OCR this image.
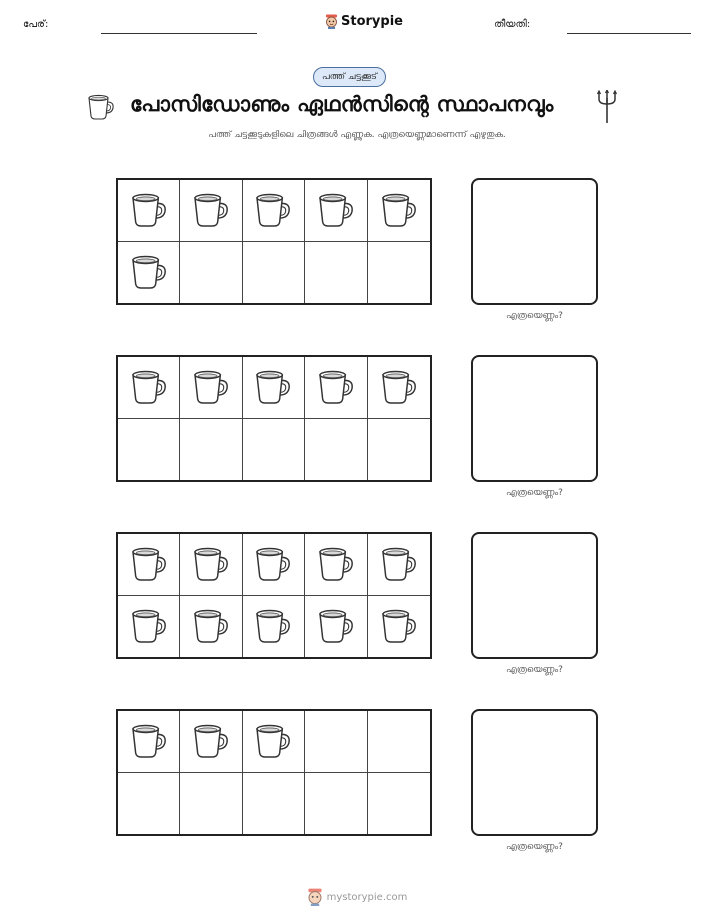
പേര്:	Storypie	തീയതി:
പത്ത് ചട്ടക്കൂട്
പോസിഡോണും ഏഥൻസിന്റെ സ്ഥാപനവും
പത്ത് ചട്ടക്കൂടുകളിലെ ചിത്രങ്ങൾ എണ്ണുക. എത്രയെണ്ണമാണെന്ന് എഴുതുക.
എത്രയെണ്ണം?
എത്രയെണ്ണം?
എത്രയെണ്ണം?
എത്രയെണ്ണം?
mystorypie.com
